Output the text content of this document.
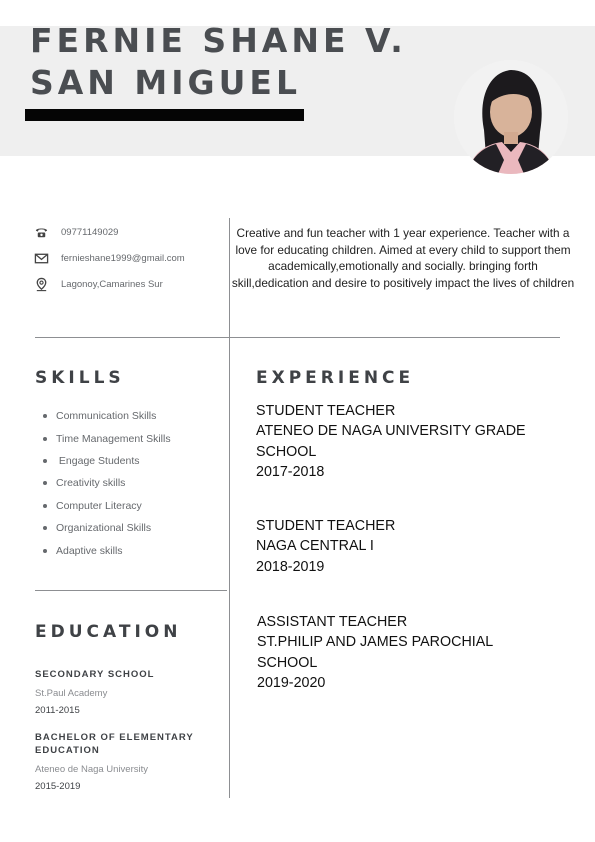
FERNIE SHANE V.
SAN MIGUEL
09771149029
fernieshane1999@gmail.com
Lagonoy,Camarines Sur
Creative and fun teacher with 1 year experience. Teacher with a love for educating children. Aimed at every child to support them academically,emotionally and socially. bringing forth skill,dedication and desire to positively impact the lives of children
SKILLS
Communication Skills
Time Management Skills
Engage Students
Creativity skills
Computer Literacy
Organizational Skills
Adaptive skills
EXPERIENCE
STUDENT TEACHER
ATENEO DE NAGA UNIVERSITY GRADE
SCHOOL
2017-2018
STUDENT TEACHER
NAGA CENTRAL I
2018-2019
ASSISTANT TEACHER
ST.PHILIP AND JAMES PAROCHIAL
SCHOOL
2019-2020
EDUCATION
SECONDARY SCHOOL
St.Paul Academy
2011-2015
BACHELOR OF ELEMENTARY EDUCATION
Ateneo de Naga University
2015-2019
